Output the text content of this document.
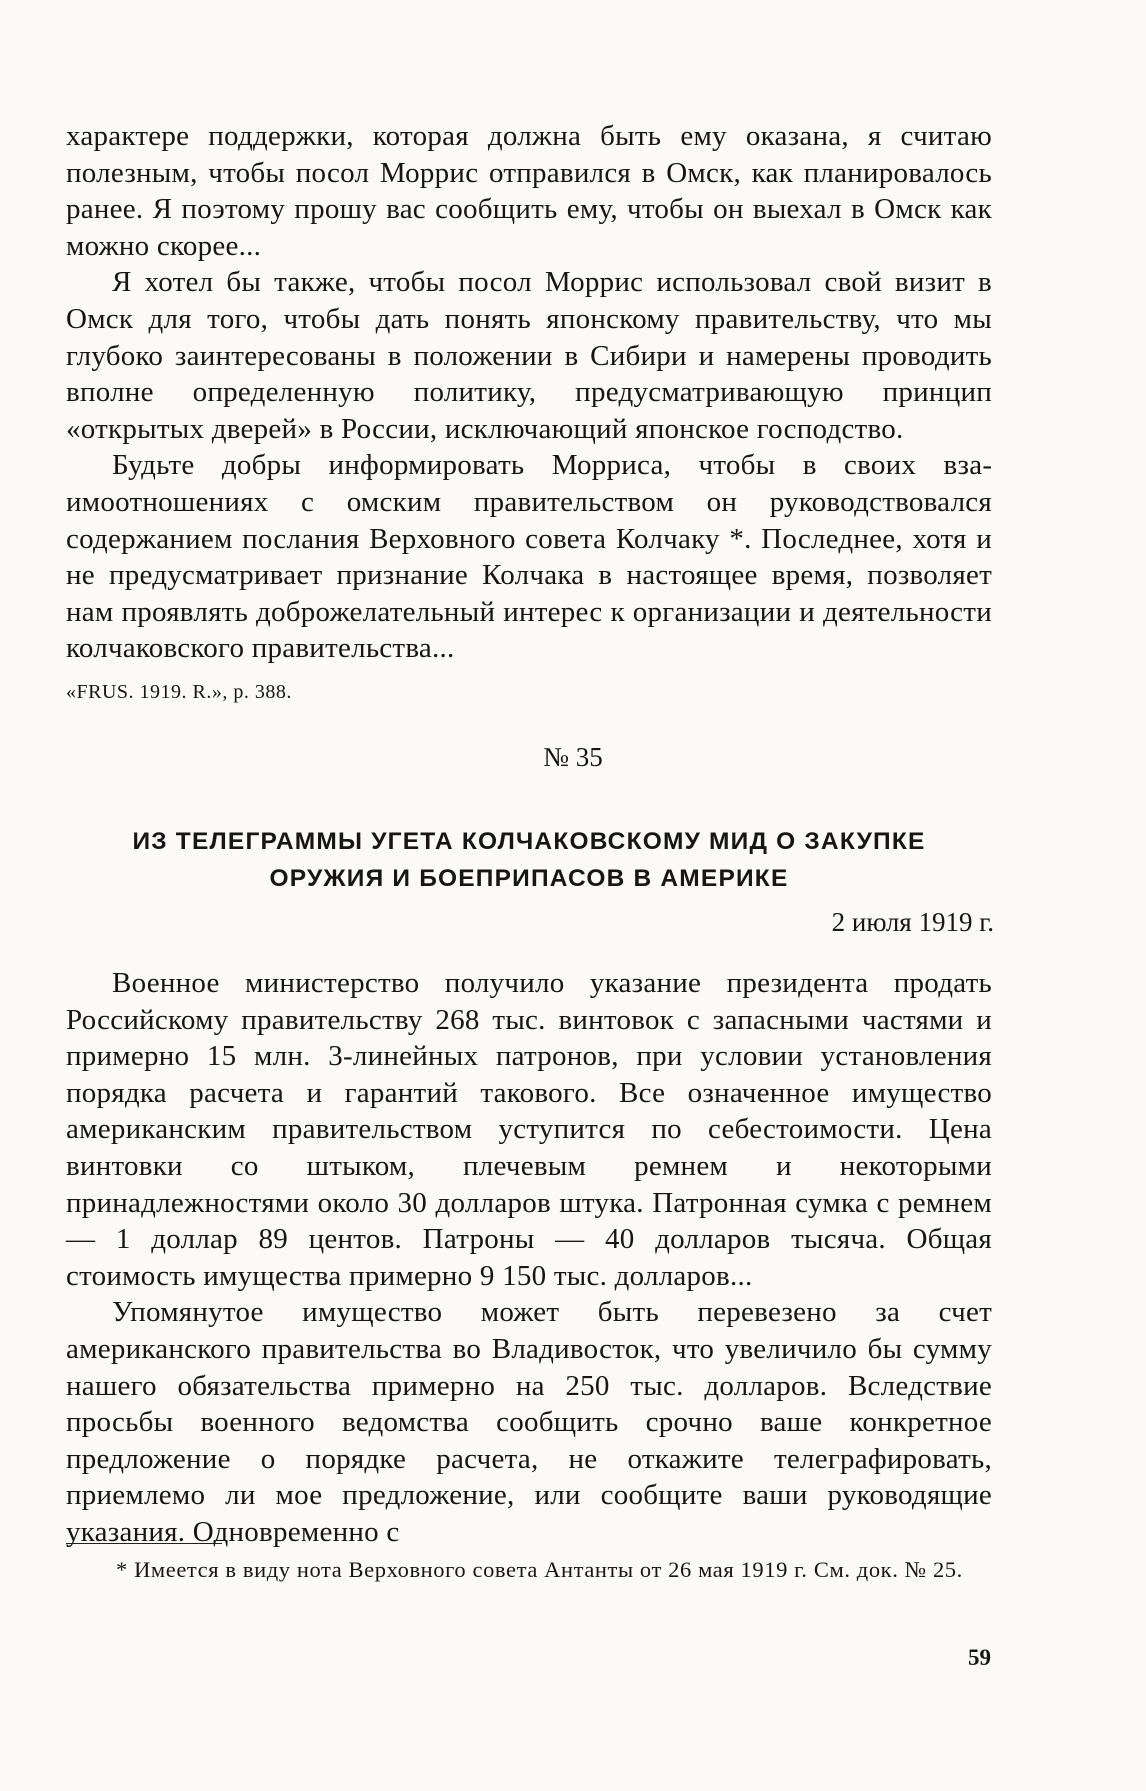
характере поддержки, которая должна быть ему оказана, я считаю полезным, чтобы посол Моррис отправился в Омск, как планировалось ранее. Я поэтому прошу вас сообщить ему, чтобы он выехал в Омск как можно скорее...

Я хотел бы также, чтобы посол Моррис использовал свой визит в Омск для того, чтобы дать понять японскому правительству, что мы глубоко заинтересованы в положении в Сибири и намерены проводить вполне определенную политику, предусматривающую принцип «открытых дверей» в России, исключающий японское господство.

Будьте добры информировать Морриса, чтобы в своих взаимоотношениях с омским правительством он руководствовался содержанием послания Верховного совета Колчаку *. Последнее, хотя и не предусматривает признание Колчака в настоящее время, позволяет нам проявлять доброжелательный интерес к организации и деятельности колчаковского правительства...

«FRUS. 1919. R.», p. 388.
№ 35
ИЗ ТЕЛЕГРАММЫ УГЕТА КОЛЧАКОВСКОМУ МИД О ЗАКУПКЕ
ОРУЖИЯ И БОЕПРИПАСОВ В АМЕРИКЕ
2 июля 1919 г.

Военное министерство получило указание президента продать Российскому правительству 268 тыс. винтовок с запасными частями и примерно 15 млн. 3-линейных патронов, при условии установления порядка расчета и гарантий такового. Все означенное имущество американским правительством уступится по себестоимости. Цена винтовки со штыком, плечевым ремнем и некоторыми принадлежностями около 30 долларов штука. Патронная сумка с ремнем — 1 доллар 89 центов. Патроны — 40 долларов тысяча. Общая стоимость имущества примерно 9 150 тыс. долларов...

Упомянутое имущество может быть перевезено за счет американского правительства во Владивосток, что увеличило бы сумму нашего обязательства примерно на 250 тыс. долларов. Вследствие просьбы военного ведомства сообщить срочно ваше конкретное предложение о порядке расчета, не откажите телеграфировать, приемлемо ли мое предложение, или сообщите ваши руководящие указания. Одновременно с

* Имеется в виду нота Верховного совета Антанты от 26 мая 1919 г. См. док. № 25.

59
